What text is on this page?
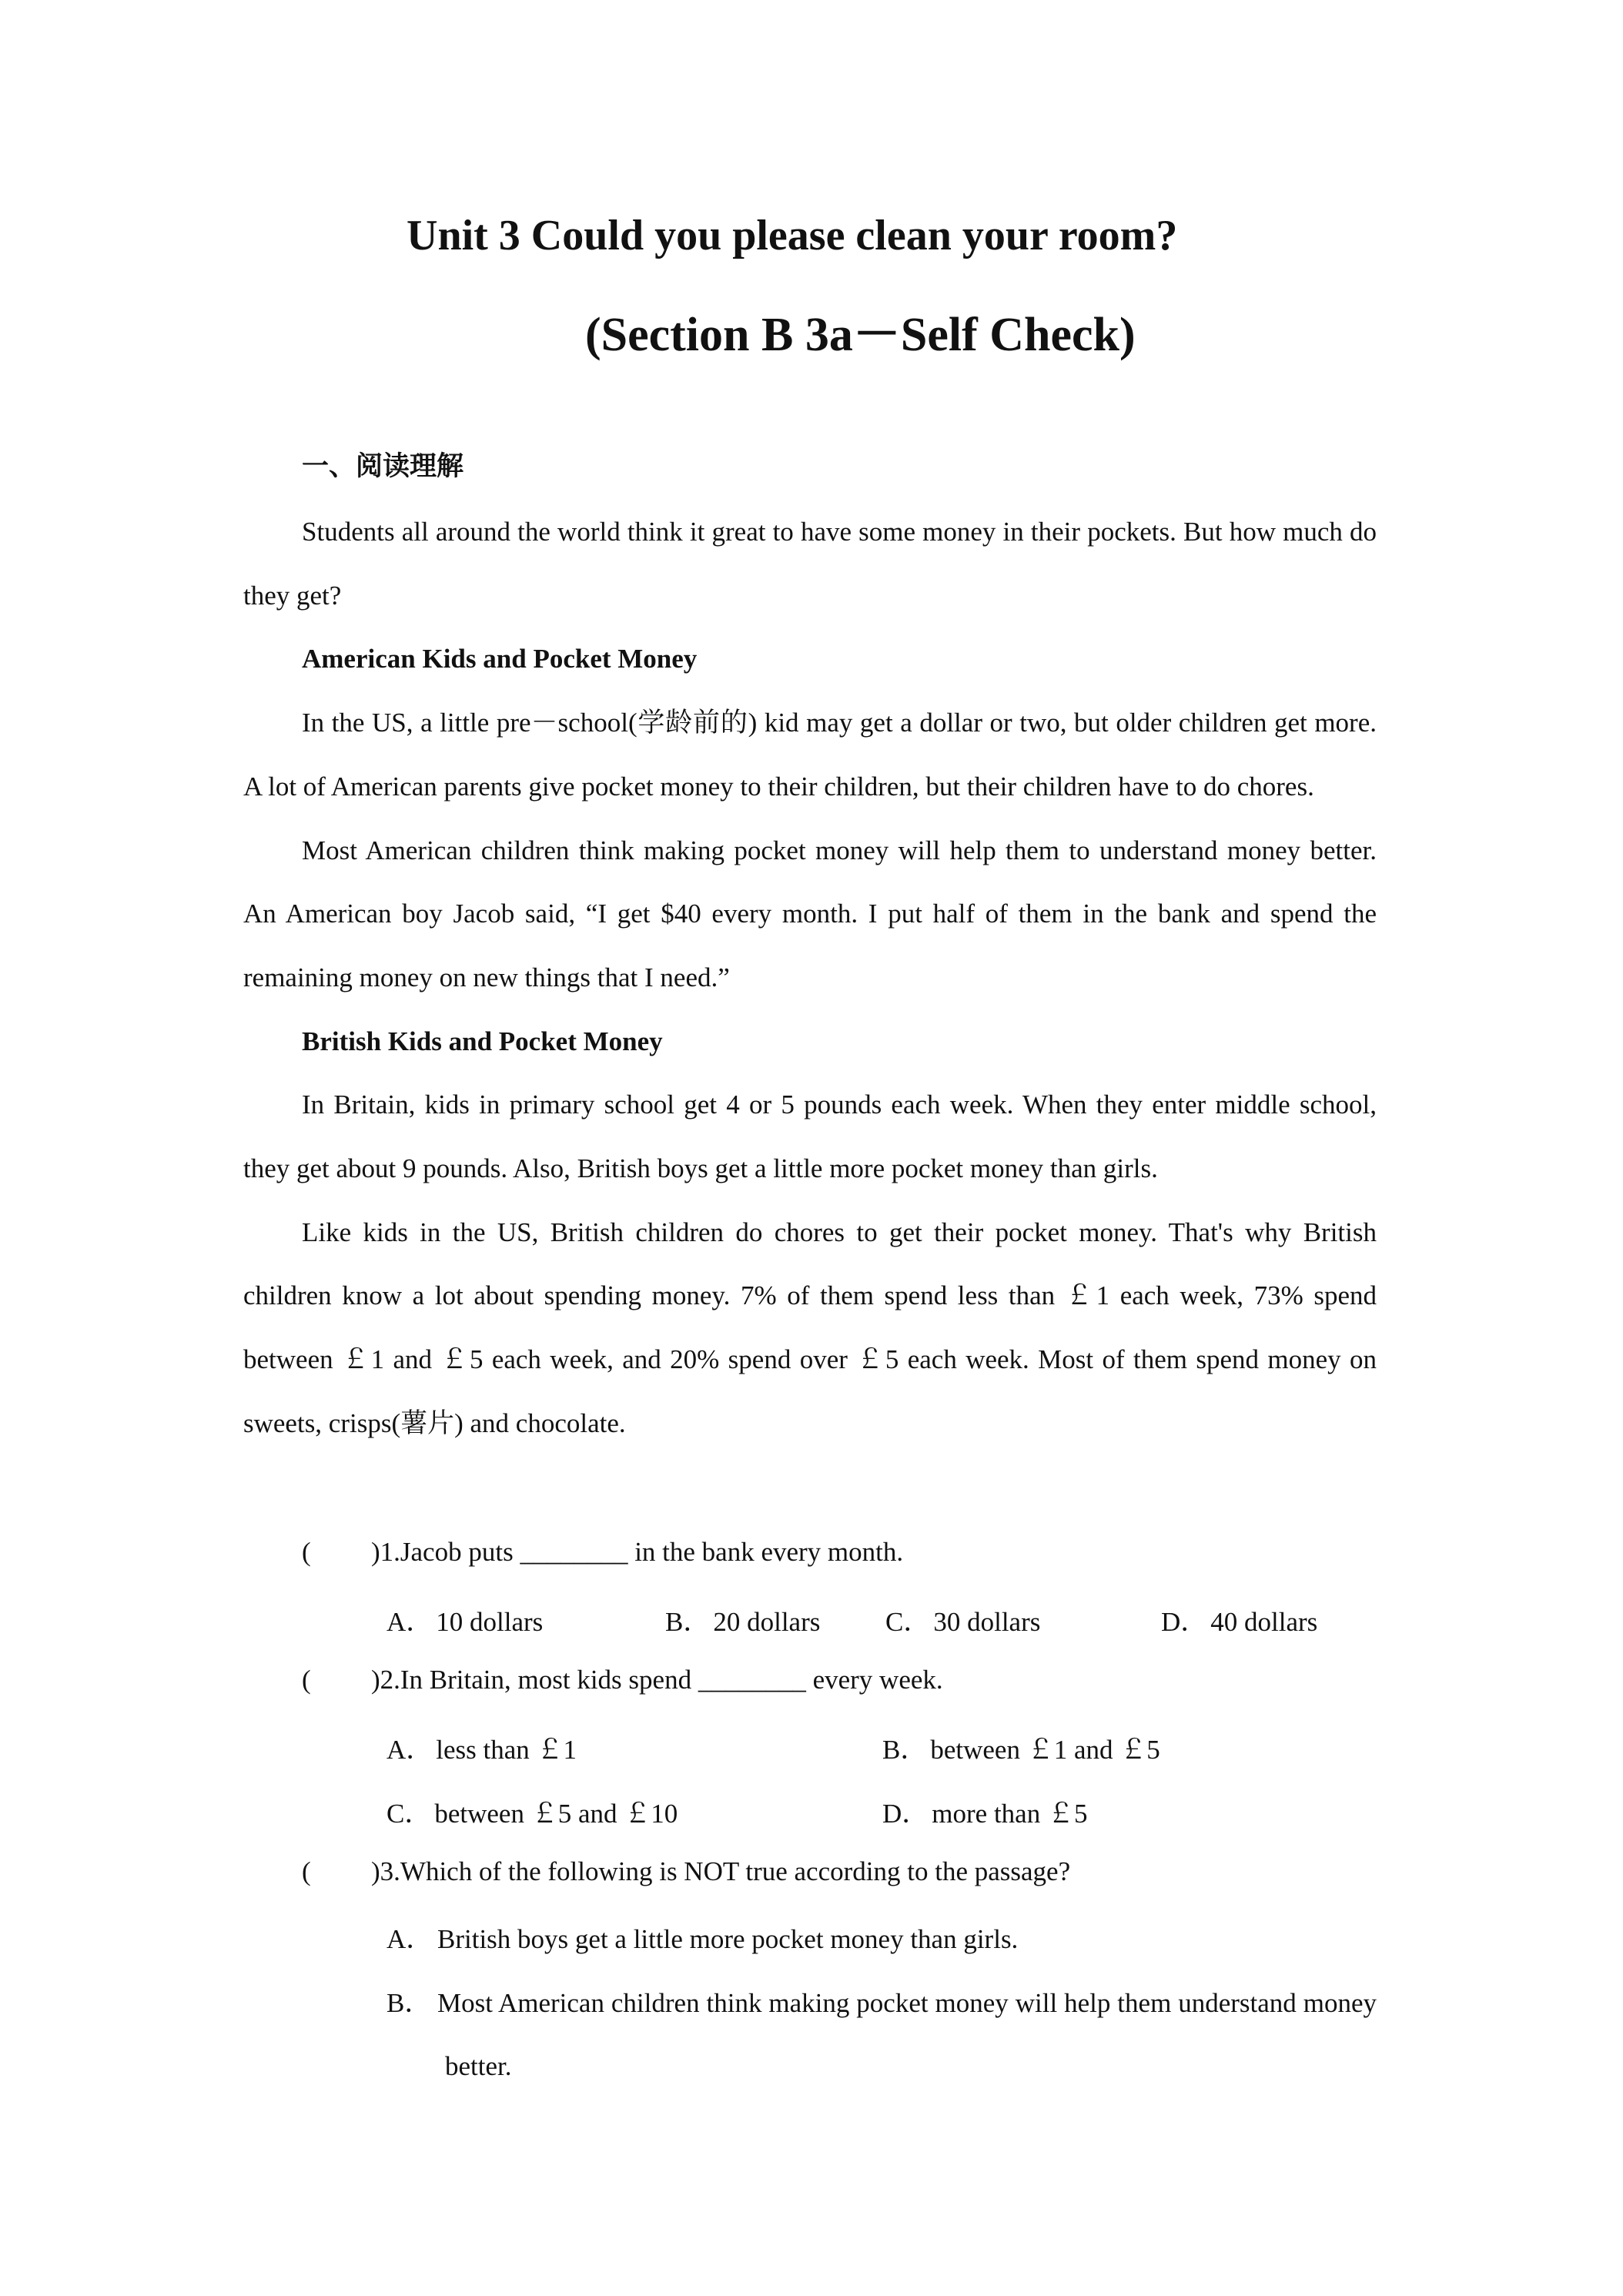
Unit 3 Could you please clean your room?
(Section B 3a－Self Check)
一、阅读理解

Students all around the world think it great to have some money in their pockets. But how much do they get?

American Kids and Pocket Money

In the US, a little pre－school(学龄前的) kid may get a dollar or two, but older children get more. A lot of American parents give pocket money to their children, but their children have to do chores.

Most American children think making pocket money will help them to understand money better. An American boy Jacob said, “I get $40 every month. I put half of them in the bank and spend the remaining money on new things that I need.”

British Kids and Pocket Money

In Britain, kids in primary school get 4 or 5 pounds each week. When they enter middle school, they get about 9 pounds. Also, British boys get a little more pocket money than girls.

Like kids in the US, British children do chores to get their pocket money. That's why British children know a lot about spending money. 7% of them spend less than ￡1 each week, 73% spend between ￡1 and ￡5 each week, and 20% spend over ￡5 each week. Most of them spend money on sweets, crisps(薯片) and chocolate.

( )1.Jacob puts ________ in the bank every month.

A． 10 dollars	B． 20 dollars C． 30 dollars	D． 40 dollars

( )2.In Britain, most kids spend ________ every week.

A． less than ￡1	B． between ￡1 and ￡5

C． between ￡5 and ￡10	D． more than ￡5

( )3.Which of the following is NOT true according to the passage?

A． British boys get a little more pocket money than girls.

B． Most American children think making pocket money will help them understand money better.
